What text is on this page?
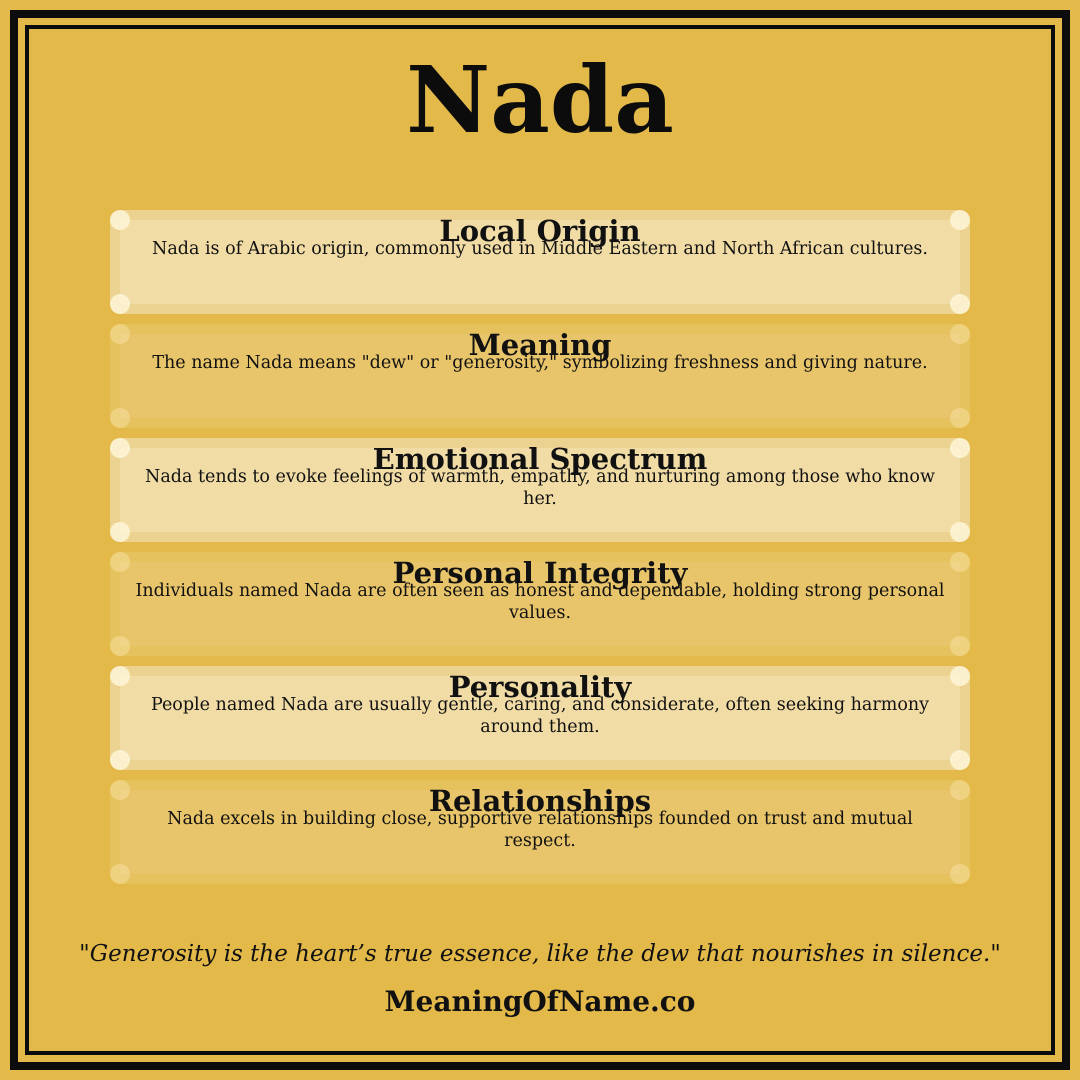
Nada
Local Origin
Nada is of Arabic origin, commonly used in Middle Eastern and North African cultures.
Meaning
The name Nada means "dew" or "generosity," symbolizing freshness and giving nature.
Emotional Spectrum
Nada tends to evoke feelings of warmth, empathy, and nurturing among those who know her.
Personal Integrity
Individuals named Nada are often seen as honest and dependable, holding strong personal values.
Personality
People named Nada are usually gentle, caring, and considerate, often seeking harmony around them.
Relationships
Nada excels in building close, supportive relationships founded on trust and mutual respect.
"Generosity is the heart’s true essence, like the dew that nourishes in silence."
MeaningOfName.co
